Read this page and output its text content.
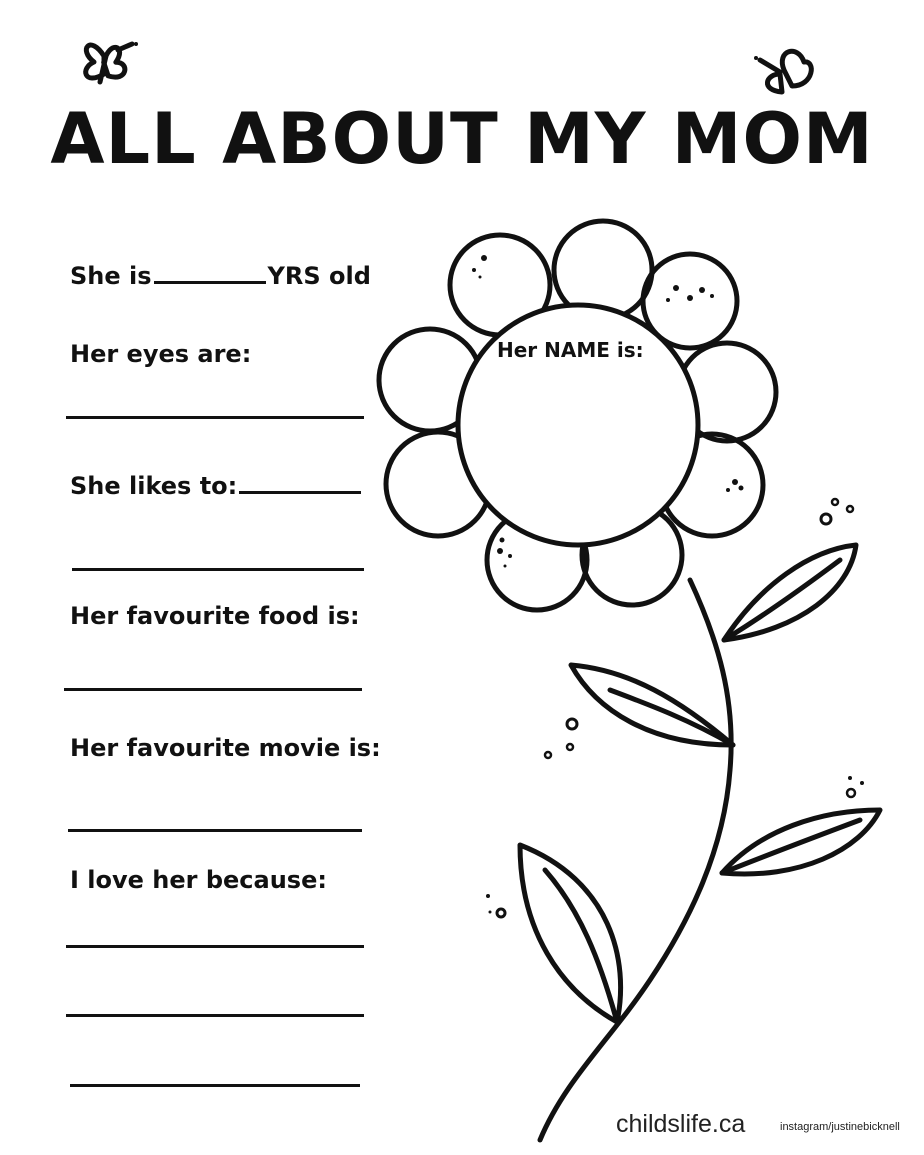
ALL ABOUT MY MOM
She is	YRS old
Her eyes are:
She likes to:
Her favourite food is:
Her favourite movie is:
I love her because:
Her NAME is:
childslife.ca	instagram/justinebicknell
